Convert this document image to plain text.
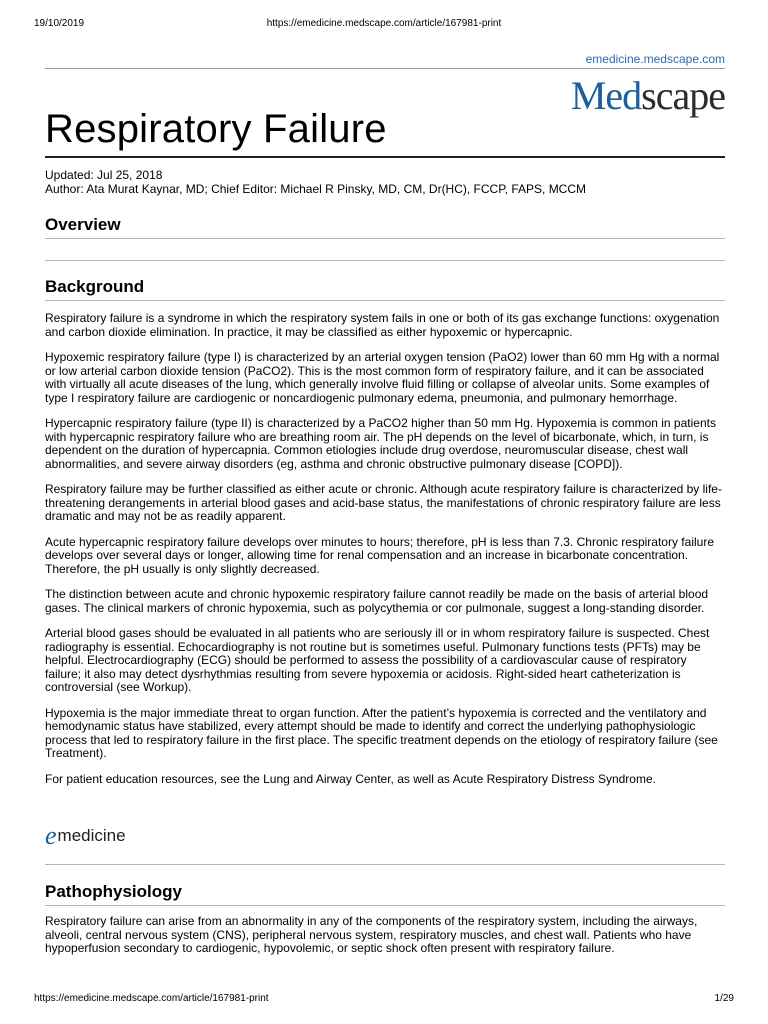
19/10/2019	https://emedicine.medscape.com/article/167981-print
emedicine.medscape.com
Medscape
Respiratory Failure
Updated: Jul 25, 2018
Author: Ata Murat Kaynar, MD; Chief Editor: Michael R Pinsky, MD, CM, Dr(HC), FCCP, FAPS, MCCM
Overview
Background

Respiratory failure is a syndrome in which the respiratory system fails in one or both of its gas exchange functions: oxygenation and carbon dioxide elimination. In practice, it may be classified as either hypoxemic or hypercapnic.

Hypoxemic respiratory failure (type I) is characterized by an arterial oxygen tension (PaO2) lower than 60 mm Hg with a normal or low arterial carbon dioxide tension (PaCO2). This is the most common form of respiratory failure, and it can be associated with virtually all acute diseases of the lung, which generally involve fluid filling or collapse of alveolar units. Some examples of type I respiratory failure are cardiogenic or noncardiogenic pulmonary edema, pneumonia, and pulmonary hemorrhage.

Hypercapnic respiratory failure (type II) is characterized by a PaCO2 higher than 50 mm Hg. Hypoxemia is common in patients with hypercapnic respiratory failure who are breathing room air. The pH depends on the level of bicarbonate, which, in turn, is dependent on the duration of hypercapnia. Common etiologies include drug overdose, neuromuscular disease, chest wall abnormalities, and severe airway disorders (eg, asthma and chronic obstructive pulmonary disease [COPD]).

Respiratory failure may be further classified as either acute or chronic. Although acute respiratory failure is characterized by life-threatening derangements in arterial blood gases and acid-base status, the manifestations of chronic respiratory failure are less dramatic and may not be as readily apparent.

Acute hypercapnic respiratory failure develops over minutes to hours; therefore, pH is less than 7.3. Chronic respiratory failure develops over several days or longer, allowing time for renal compensation and an increase in bicarbonate concentration. Therefore, the pH usually is only slightly decreased.

The distinction between acute and chronic hypoxemic respiratory failure cannot readily be made on the basis of arterial blood gases. The clinical markers of chronic hypoxemia, such as polycythemia or cor pulmonale, suggest a long-standing disorder.

Arterial blood gases should be evaluated in all patients who are seriously ill or in whom respiratory failure is suspected. Chest radiography is essential. Echocardiography is not routine but is sometimes useful. Pulmonary functions tests (PFTs) may be helpful. Electrocardiography (ECG) should be performed to assess the possibility of a cardiovascular cause of respiratory failure; it also may detect dysrhythmias resulting from severe hypoxemia or acidosis. Right-sided heart catheterization is controversial (see Workup).

Hypoxemia is the major immediate threat to organ function. After the patient’s hypoxemia is corrected and the ventilatory and hemodynamic status have stabilized, every attempt should be made to identify and correct the underlying pathophysiologic process that led to respiratory failure in the first place. The specific treatment depends on the etiology of respiratory failure (see Treatment).

For patient education resources, see the Lung and Airway Center, as well as Acute Respiratory Distress Syndrome.

emedicine
Pathophysiology

Respiratory failure can arise from an abnormality in any of the components of the respiratory system, including the airways, alveoli, central nervous system (CNS), peripheral nervous system, respiratory muscles, and chest wall. Patients who have hypoperfusion secondary to cardiogenic, hypovolemic, or septic shock often present with respiratory failure.

https://emedicine.medscape.com/article/167981-print	1/29
